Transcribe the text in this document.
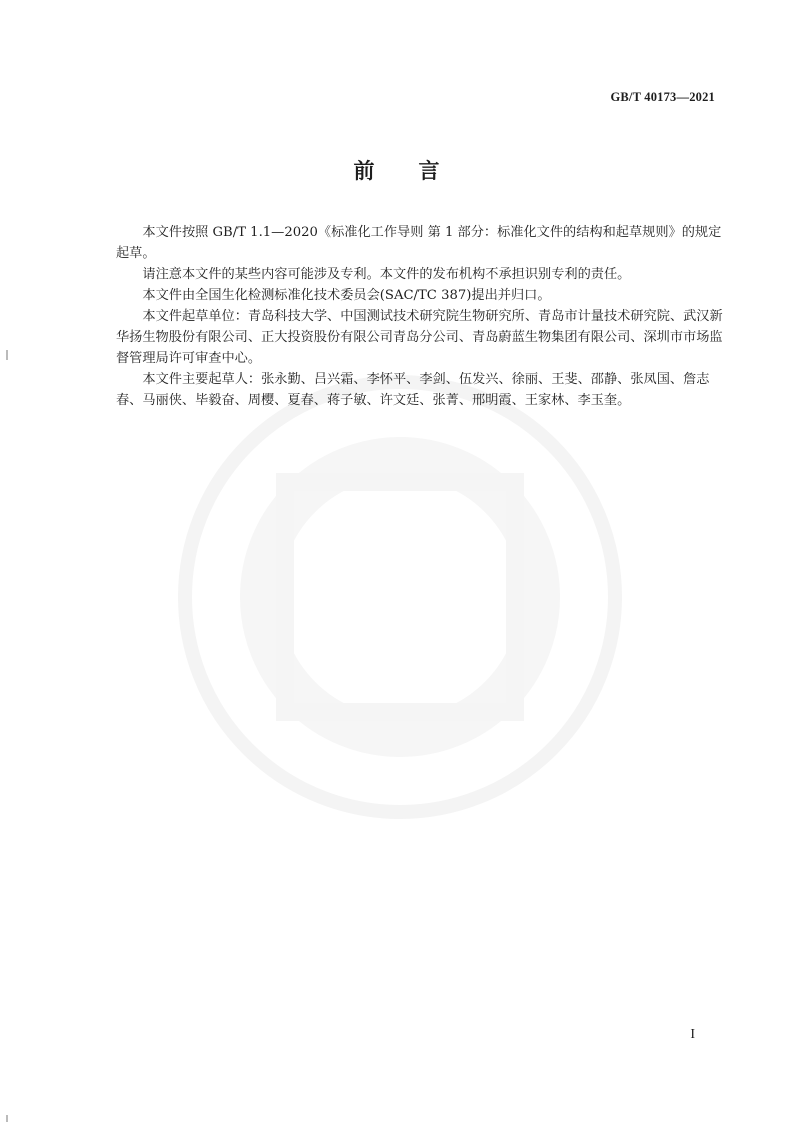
GB/T 40173—2021
前 言

本文件按照 GB/T 1.1—2020《标准化工作导则 第 1 部分：标准化文件的结构和起草规则》的规定起草。

请注意本文件的某些内容可能涉及专利。本文件的发布机构不承担识别专利的责任。

本文件由全国生化检测标准化技术委员会(SAC/TC 387)提出并归口。

本文件起草单位：青岛科技大学、中国测试技术研究院生物研究所、青岛市计量技术研究院、武汉新华扬生物股份有限公司、正大投资股份有限公司青岛分公司、青岛蔚蓝生物集团有限公司、深圳市市场监督管理局许可审查中心。

本文件主要起草人：张永勤、吕兴霜、李怀平、李剑、伍发兴、徐丽、王斐、邵静、张凤国、詹志春、马丽侠、毕毅奋、周樱、夏春、蒋子敏、许文廷、张菁、邢明霞、王家林、李玉奎。

I
